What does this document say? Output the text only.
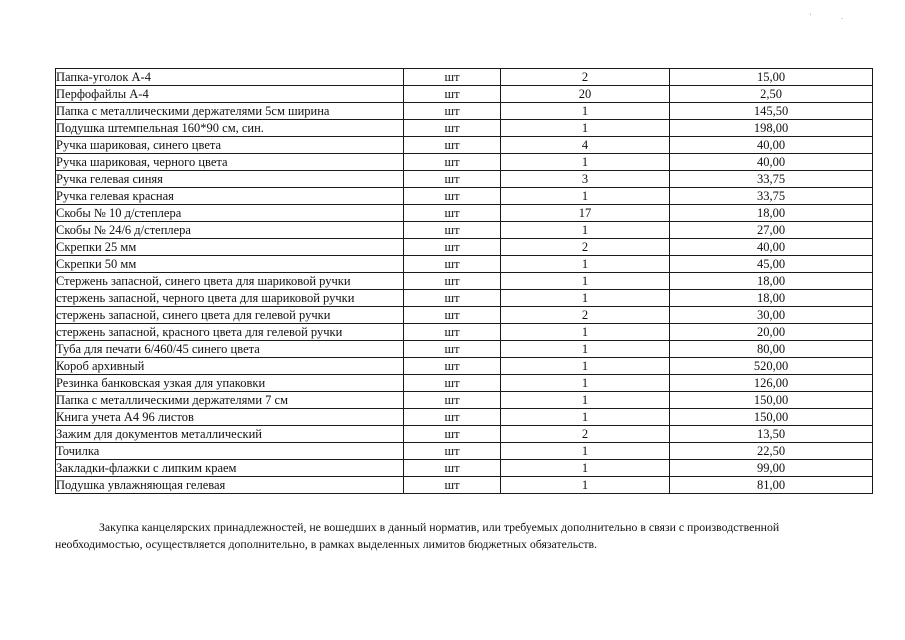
' .
Папка-уголок А-4	шт	2	15,00
Перфофайлы А-4	шт	20	2,50
Папка с металлическими держателями 5см ширина	шт	1	145,50
Подушка штемпельная 160*90 см, син.	шт	1	198,00
Ручка шариковая, синего цвета	шт	4	40,00
Ручка шариковая, черного цвета	шт	1	40,00
Ручка гелевая синяя	шт	3	33,75
Ручка гелевая красная	шт	1	33,75
Скобы № 10 д/степлера	шт	17	18,00
Скобы № 24/6 д/степлера	шт	1	27,00
Скрепки 25 мм	шт	2	40,00
Скрепки 50 мм	шт	1	45,00
Стержень запасной, синего цвета для шариковой ручки	шт	1	18,00
стержень запасной, черного цвета для шариковой ручки	шт	1	18,00
стержень запасной, синего цвета для гелевой ручки	шт	2	30,00
стержень запасной, красного цвета для гелевой ручки	шт	1	20,00
Туба для печати 6/460/45 синего цвета	шт	1	80,00
Короб архивный	шт	1	520,00
Резинка банковская узкая для упаковки	шт	1	126,00
Папка с металлическими держателями 7 см	шт	1	150,00
Книга учета А4 96 листов	шт	1	150,00
Зажим для документов металлический	шт	2	13,50
Точилка	шт	1	22,50
Закладки-флажки с липким краем	шт	1	99,00
Подушка увлажняющая гелевая	шт	1	81,00
Закупка канцелярских принадлежностей, не вошедших в данный норматив, или требуемых дополнительно в связи с производственной
необходимостью, осуществляется дополнительно, в рамках выделенных лимитов бюджетных обязательств.
